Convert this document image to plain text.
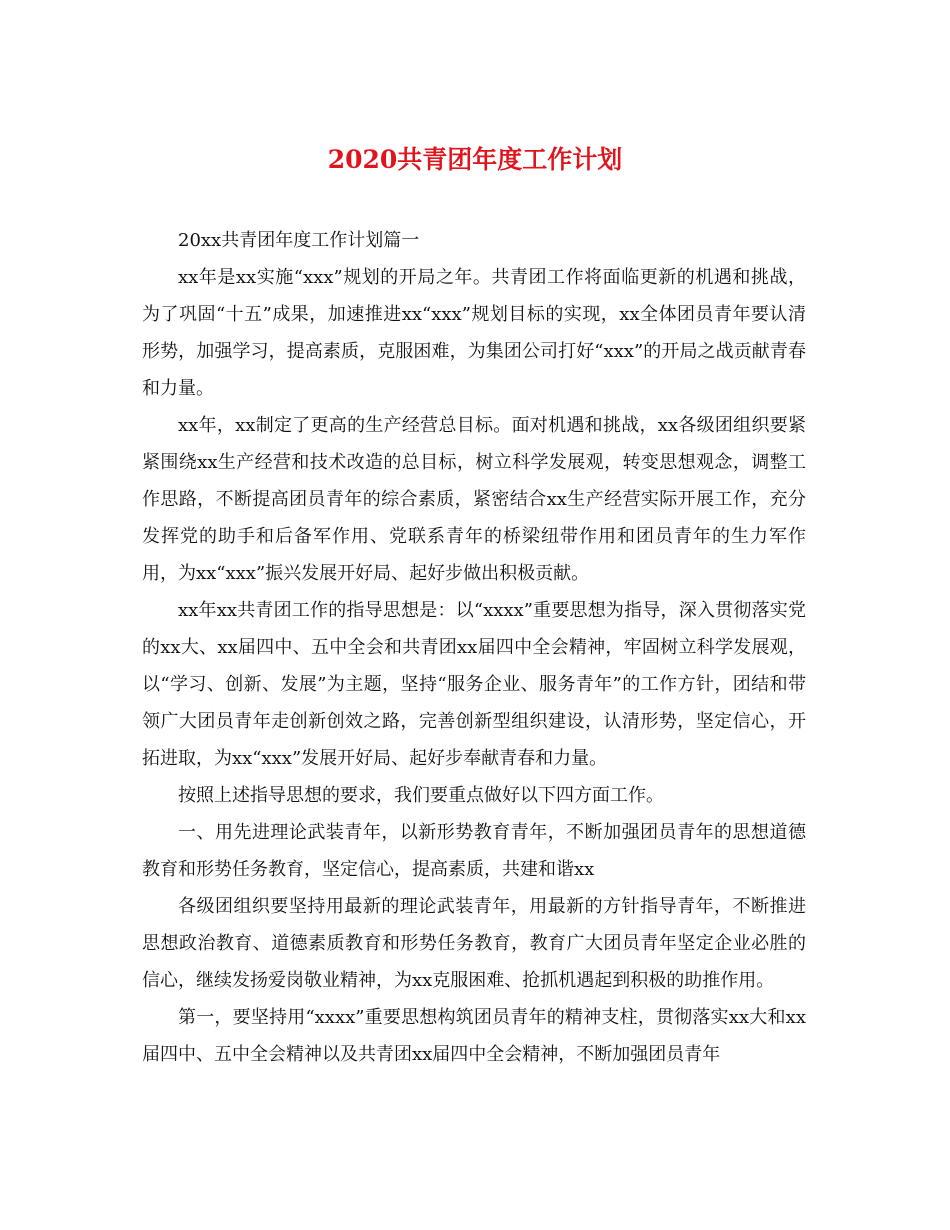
2020共青团年度工作计划

20xx共青团年度工作计划篇一

xx年是xx实施“xxx”规划的开局之年。共青团工作将面临更新的机遇和挑战，为了巩固“十五”成果，加速推进xx“xxx”规划目标的实现，xx全体团员青年要认清形势，加强学习，提高素质，克服困难，为集团公司打好“xxx”的开局之战贡献青春和力量。

xx年，xx制定了更高的生产经营总目标。面对机遇和挑战，xx各级团组织要紧紧围绕xx生产经营和技术改造的总目标，树立科学发展观，转变思想观念，调整工作思路，不断提高团员青年的综合素质，紧密结合xx生产经营实际开展工作，充分发挥党的助手和后备军作用、党联系青年的桥梁纽带作用和团员青年的生力军作用，为xx“xxx”振兴发展开好局、起好步做出积极贡献。

xx年xx共青团工作的指导思想是：以“xxxx”重要思想为指导，深入贯彻落实党的xx大、xx届四中、五中全会和共青团xx届四中全会精神，牢固树立科学发展观，以“学习、创新、发展”为主题，坚持“服务企业、服务青年”的工作方针，团结和带领广大团员青年走创新创效之路，完善创新型组织建设，认清形势，坚定信心，开拓进取，为xx“xxx”发展开好局、起好步奉献青春和力量。

按照上述指导思想的要求，我们要重点做好以下四方面工作。

一、用先进理论武装青年，以新形势教育青年，不断加强团员青年的思想道德教育和形势任务教育，坚定信心，提高素质，共建和谐xx

各级团组织要坚持用最新的理论武装青年，用最新的方针指导青年，不断推进思想政治教育、道德素质教育和形势任务教育，教育广大团员青年坚定企业必胜的信心，继续发扬爱岗敬业精神，为xx克服困难、抢抓机遇起到积极的助推作用。

第一，要坚持用“xxxx”重要思想构筑团员青年的精神支柱，贯彻落实xx大和xx届四中、五中全会精神以及共青团xx届四中全会精神，不断加强团员青年
